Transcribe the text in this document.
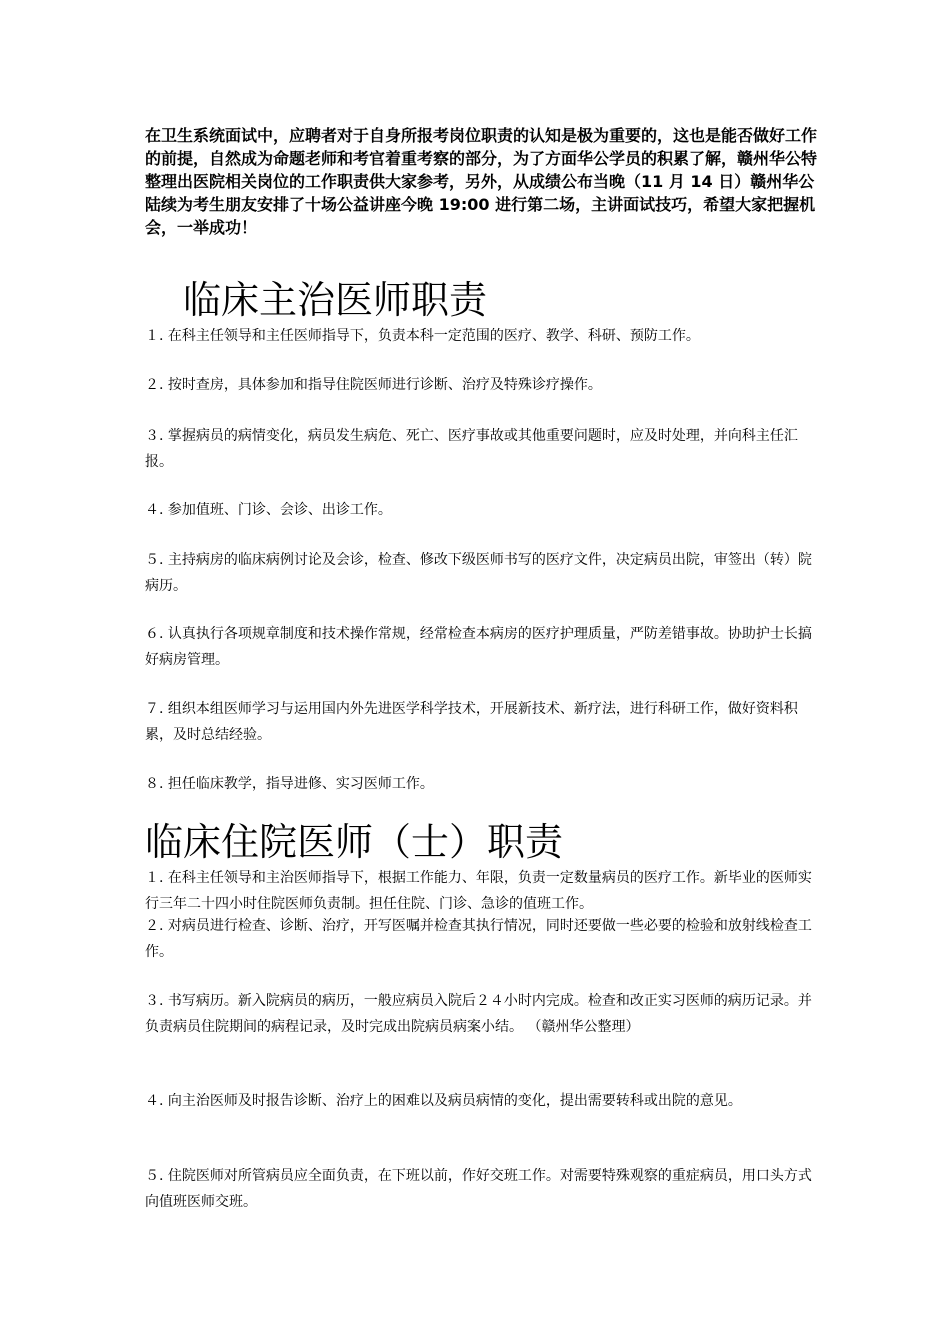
在卫生系统面试中，应聘者对于自身所报考岗位职责的认知是极为重要的，这也是能否做好工作的前提，自然成为命题老师和考官着重考察的部分，为了方面华公学员的积累了解，赣州华公特整理出医院相关岗位的工作职责供大家参考，另外，从成绩公布当晚（11 月 14 日）赣州华公陆续为考生朋友安排了十场公益讲座今晚 19:00 进行第二场，主讲面试技巧，希望大家把握机会，一举成功！

临床主治医师职责

１. 在科主任领导和主任医师指导下，负责本科一定范围的医疗、教学、科研、预防工作。

２. 按时查房，具体参加和指导住院医师进行诊断、治疗及特殊诊疗操作。

３. 掌握病员的病情变化，病员发生病危、死亡、医疗事故或其他重要问题时，应及时处理，并向科主任汇报。

４. 参加值班、门诊、会诊、出诊工作。

５. 主持病房的临床病例讨论及会诊，检查、修改下级医师书写的医疗文件，决定病员出院，审签出（转）院病历。

６. 认真执行各项规章制度和技术操作常规，经常检查本病房的医疗护理质量，严防差错事故。协助护士长搞好病房管理。

７. 组织本组医师学习与运用国内外先进医学科学技术，开展新技术、新疗法，进行科研工作，做好资料积累，及时总结经验。

８. 担任临床教学，指导进修、实习医师工作。

临床住院医师（士）职责

１. 在科主任领导和主治医师指导下，根据工作能力、年限，负责一定数量病员的医疗工作。新毕业的医师实行三年二十四小时住院医师负责制。担任住院、门诊、急诊的值班工作。

２. 对病员进行检查、诊断、治疗，开写医嘱并检查其执行情况，同时还要做一些必要的检验和放射线检查工作。

３. 书写病历。新入院病员的病历，一般应病员入院后２４小时内完成。检查和改正实习医师的病历记录。并负责病员住院期间的病程记录，及时完成出院病员病案小结。 （赣州华公整理）

４. 向主治医师及时报告诊断、治疗上的困难以及病员病情的变化，提出需要转科或出院的意见。

５. 住院医师对所管病员应全面负责，在下班以前，作好交班工作。对需要特殊观察的重症病员，用口头方式向值班医师交班。
